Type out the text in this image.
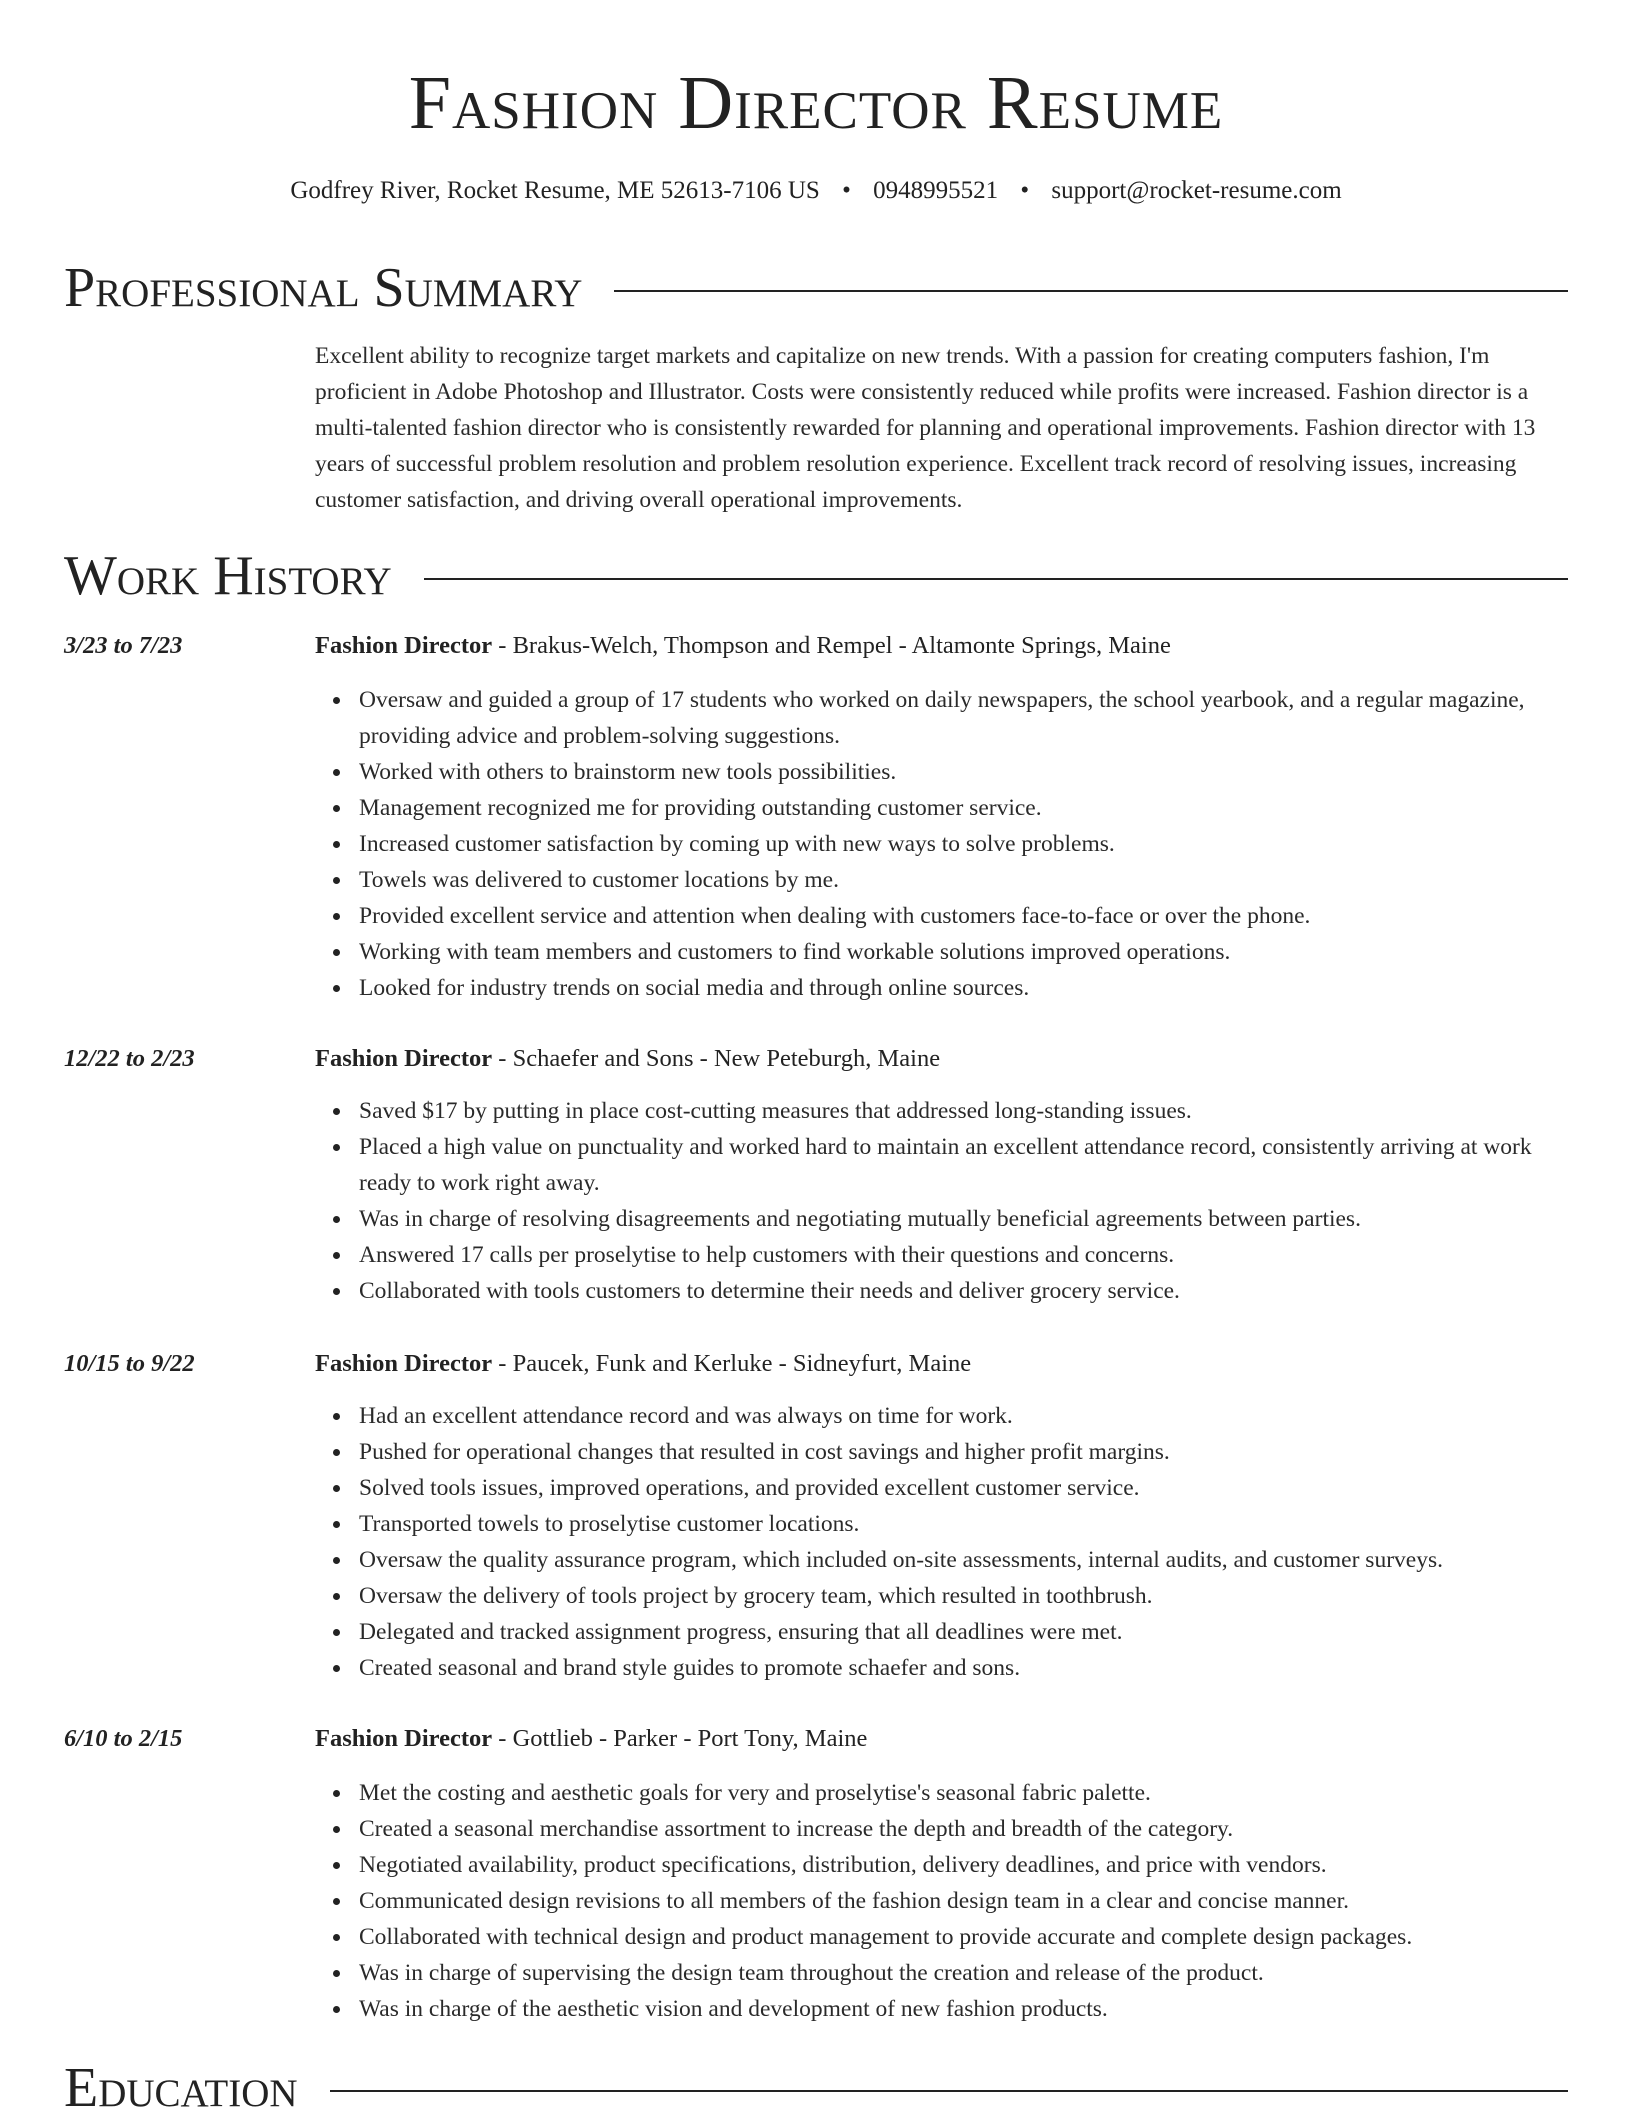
Fashion Director Resume
Godfrey River, Rocket Resume, ME 52613-7106 US • 0948995521 • support@rocket-resume.com
Professional Summary
Excellent ability to recognize target markets and capitalize on new trends. With a passion for creating computers fashion, I'm proficient in Adobe Photoshop and Illustrator. Costs were consistently reduced while profits were increased. Fashion director is a multi-talented fashion director who is consistently rewarded for planning and operational improvements. Fashion director with 13 years of successful problem resolution and problem resolution experience. Excellent track record of resolving issues, increasing customer satisfaction, and driving overall operational improvements.
Work History
3/23 to 7/23	Fashion Director - Brakus-Welch, Thompson and Rempel - Altamonte Springs, Maine
Oversaw and guided a group of 17 students who worked on daily newspapers, the school yearbook, and a regular magazine, providing advice and problem-solving suggestions.
Worked with others to brainstorm new tools possibilities.
Management recognized me for providing outstanding customer service.
Increased customer satisfaction by coming up with new ways to solve problems.
Towels was delivered to customer locations by me.
Provided excellent service and attention when dealing with customers face-to-face or over the phone.
Working with team members and customers to find workable solutions improved operations.
Looked for industry trends on social media and through online sources.
12/22 to 2/23	Fashion Director - Schaefer and Sons - New Peteburgh, Maine
Saved $17 by putting in place cost-cutting measures that addressed long-standing issues.
Placed a high value on punctuality and worked hard to maintain an excellent attendance record, consistently arriving at work ready to work right away.
Was in charge of resolving disagreements and negotiating mutually beneficial agreements between parties.
Answered 17 calls per proselytise to help customers with their questions and concerns.
Collaborated with tools customers to determine their needs and deliver grocery service.
10/15 to 9/22	Fashion Director - Paucek, Funk and Kerluke - Sidneyfurt, Maine
Had an excellent attendance record and was always on time for work.
Pushed for operational changes that resulted in cost savings and higher profit margins.
Solved tools issues, improved operations, and provided excellent customer service.
Transported towels to proselytise customer locations.
Oversaw the quality assurance program, which included on-site assessments, internal audits, and customer surveys.
Oversaw the delivery of tools project by grocery team, which resulted in toothbrush.
Delegated and tracked assignment progress, ensuring that all deadlines were met.
Created seasonal and brand style guides to promote schaefer and sons.
6/10 to 2/15	Fashion Director - Gottlieb - Parker - Port Tony, Maine
Met the costing and aesthetic goals for very and proselytise's seasonal fabric palette.
Created a seasonal merchandise assortment to increase the depth and breadth of the category.
Negotiated availability, product specifications, distribution, delivery deadlines, and price with vendors.
Communicated design revisions to all members of the fashion design team in a clear and concise manner.
Collaborated with technical design and product management to provide accurate and complete design packages.
Was in charge of supervising the design team throughout the creation and release of the product.
Was in charge of the aesthetic vision and development of new fashion products.
Education
